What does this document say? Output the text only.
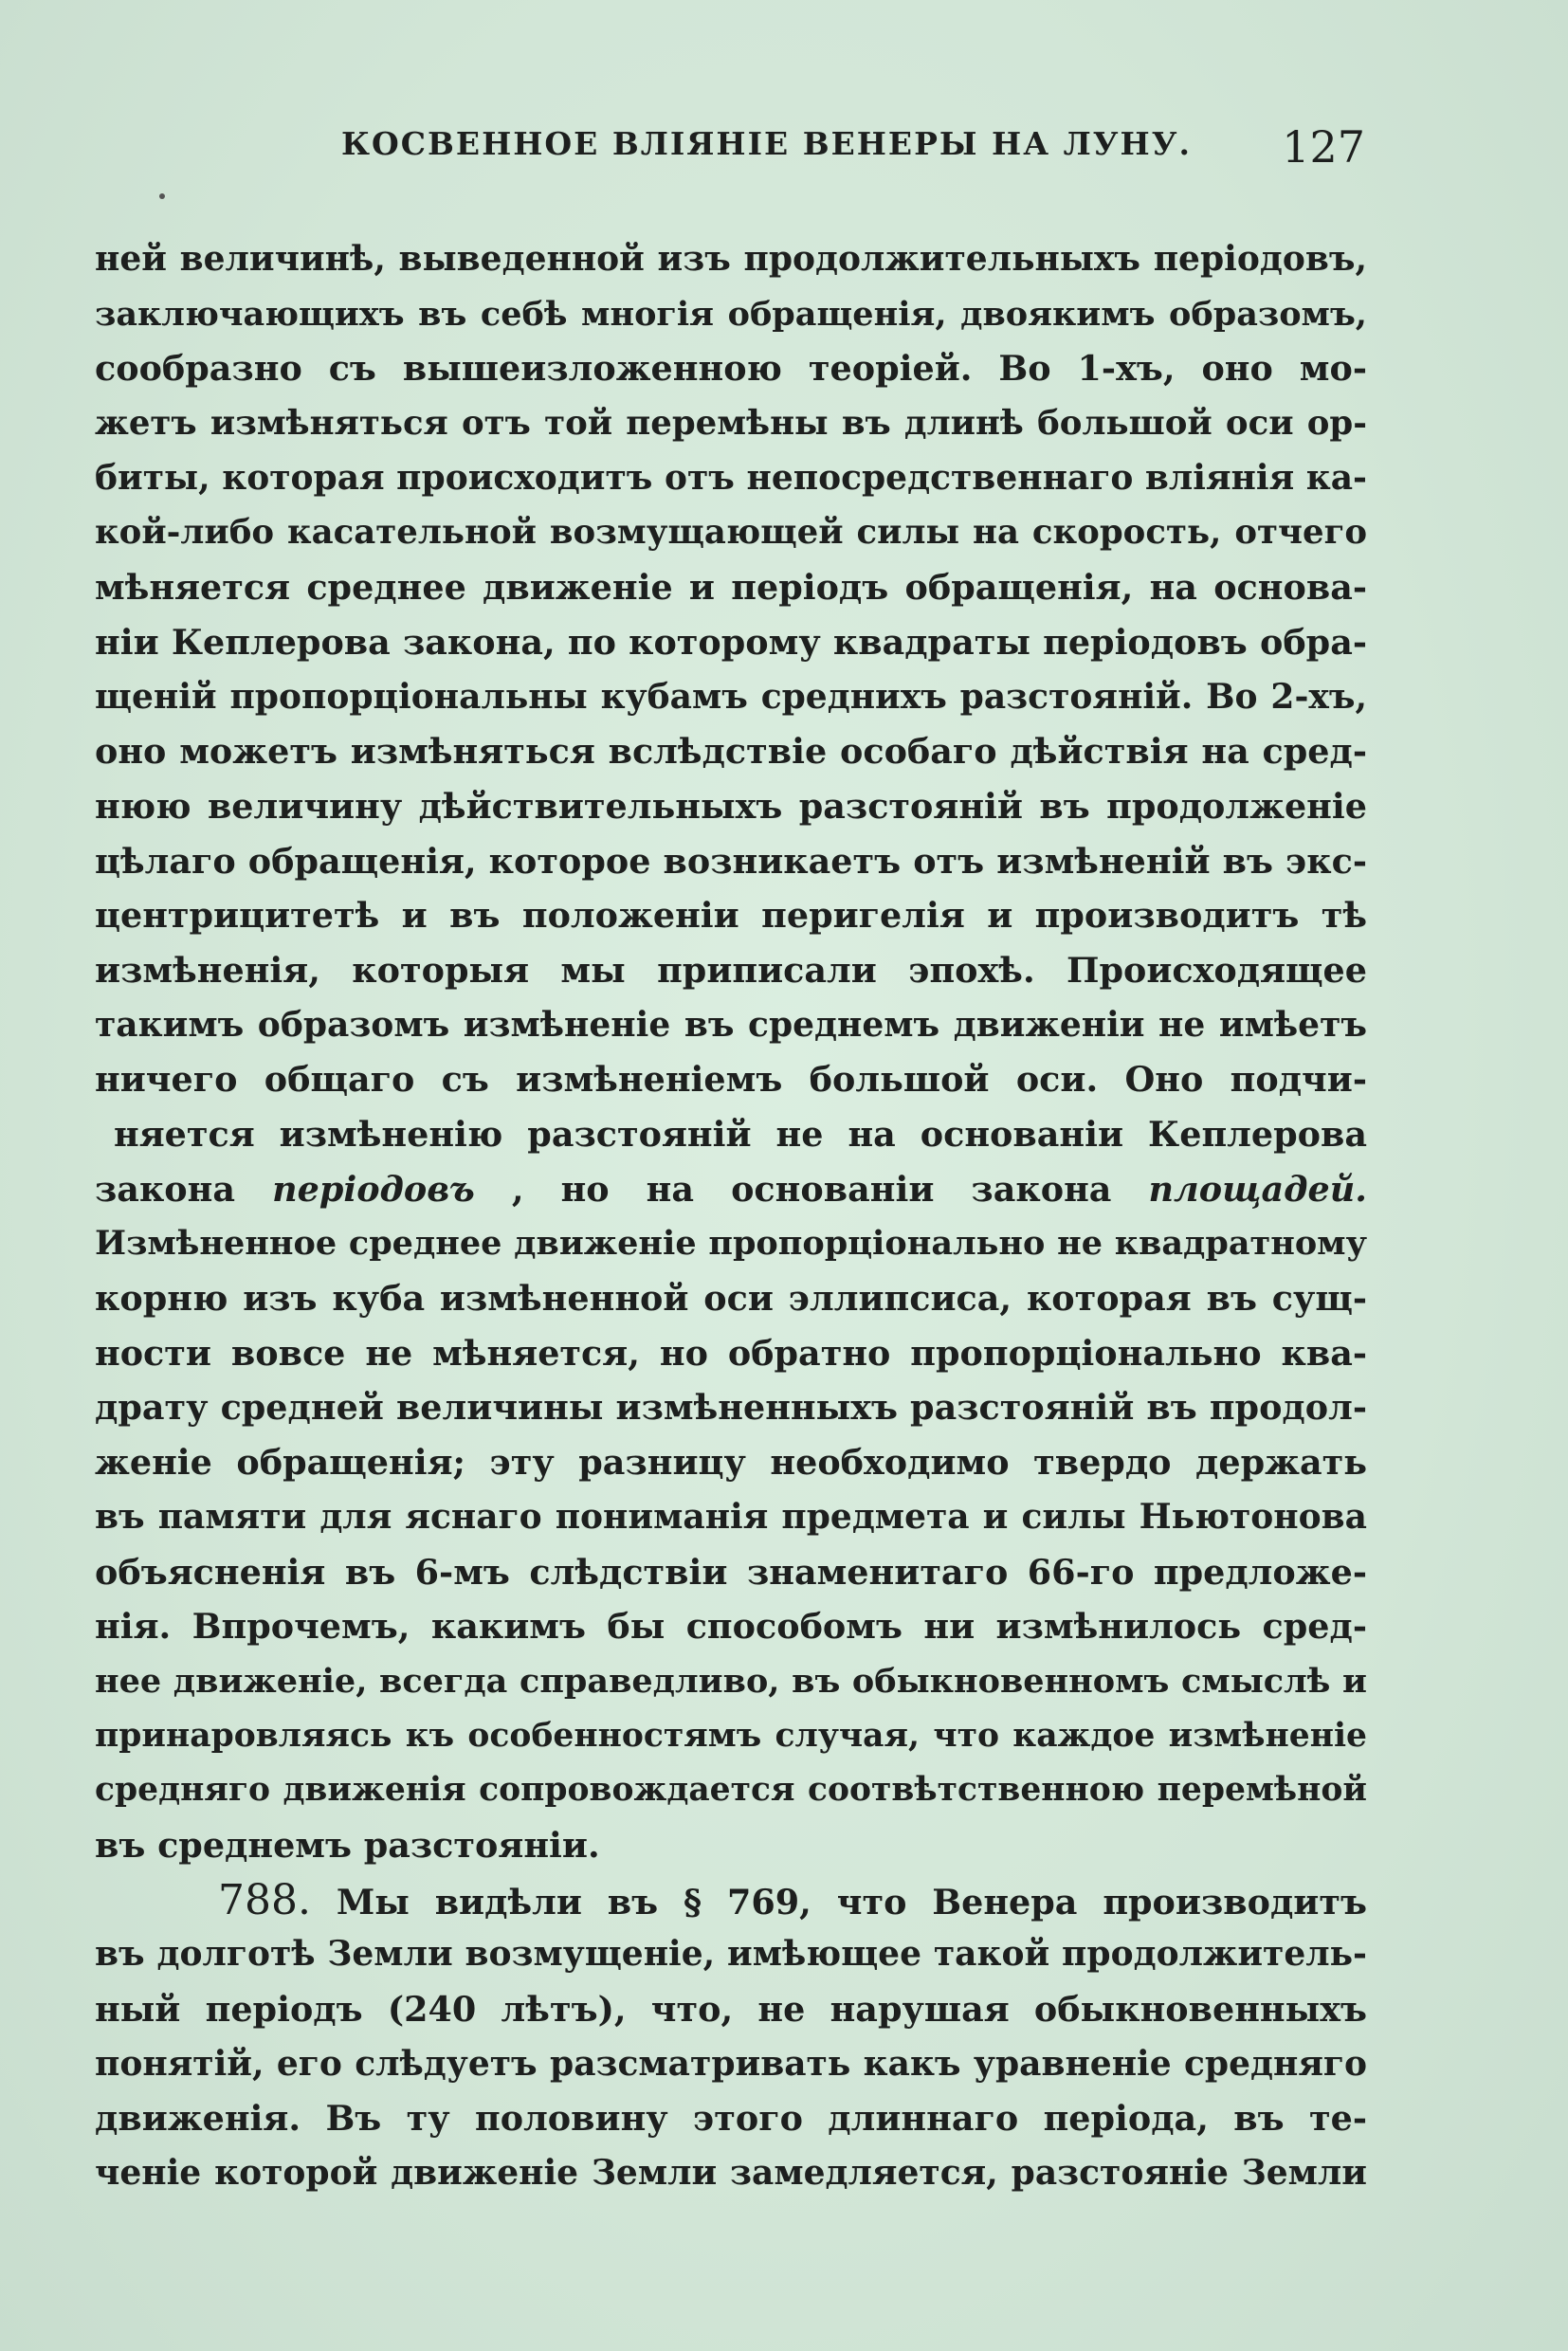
КОСВЕННОЕ ВЛІЯНІЕ ВЕНЕРЫ НА ЛУНУ. 127
ней величинѣ, выведенной изъ продолжительныхъ періодовъ,
заключающихъ въ себѣ многія обращенія, двоякимъ образомъ,
сообразно съ вышеизложенною теоріей. Во 1-хъ, оно мо-
жетъ измѣняться отъ той перемѣны въ длинѣ большой оси ор-
биты, которая происходитъ отъ непосредственнаго вліянія ка-
кой-либо касательной возмущающей силы на скорость, отчего
мѣняется среднее движеніе и періодъ обращенія, на основа-
ніи Кеплерова закона, по которому квадраты періодовъ обра-
щеній пропорціональны кубамъ среднихъ разстояній. Во 2-хъ,
оно можетъ измѣняться вслѣдствіе особаго дѣйствія на сред-
нюю величину дѣйствительныхъ разстояній въ продолженіе
цѣлаго обращенія, которое возникаетъ отъ измѣненій въ экс-
центрицитетѣ и въ положеніи перигелія и производитъ тѣ
измѣненія, которыя мы приписали эпохѣ. Происходящее
такимъ образомъ измѣненіе въ среднемъ движеніи не имѣетъ
ничего общаго съ измѣненіемъ большой оси. Оно подчи-
няется измѣненію разстояній не на основаніи Кеплерова
закона періодовъ , но на основаніи закона площадей.
Измѣненное среднее движеніе пропорціонально не квадратному
корню изъ куба измѣненной оси эллипсиса, которая въ сущ-
ности вовсе не мѣняется, но обратно пропорціонально ква-
драту средней величины измѣненныхъ разстояній въ продол-
женіе обращенія; эту разницу необходимо твердо держать
въ памяти для яснаго пониманія предмета и силы Ньютонова
объясненія въ 6-мъ слѣдствіи знаменитаго 66-го предложе-
нія. Впрочемъ, какимъ бы способомъ ни измѣнилось сред-
нее движеніе, всегда справедливо, въ обыкновенномъ смыслѣ и
принаровляясь къ особенностямъ случая, что каждое измѣненіе
средняго движенія сопровождается соотвѣтственною перемѣной
въ среднемъ разстояніи.
788. Мы видѣли въ § 769, что Венера производитъ
въ долготѣ Земли возмущеніе, имѣющее такой продолжитель-
ный періодъ (240 лѣтъ), что, не нарушая обыкновенныхъ
понятій, его слѣдуетъ разсматривать какъ уравненіе средняго
движенія. Въ ту половину этого длиннаго періода, въ те-
ченіе которой движеніе Земли замедляется, разстояніе Земли
